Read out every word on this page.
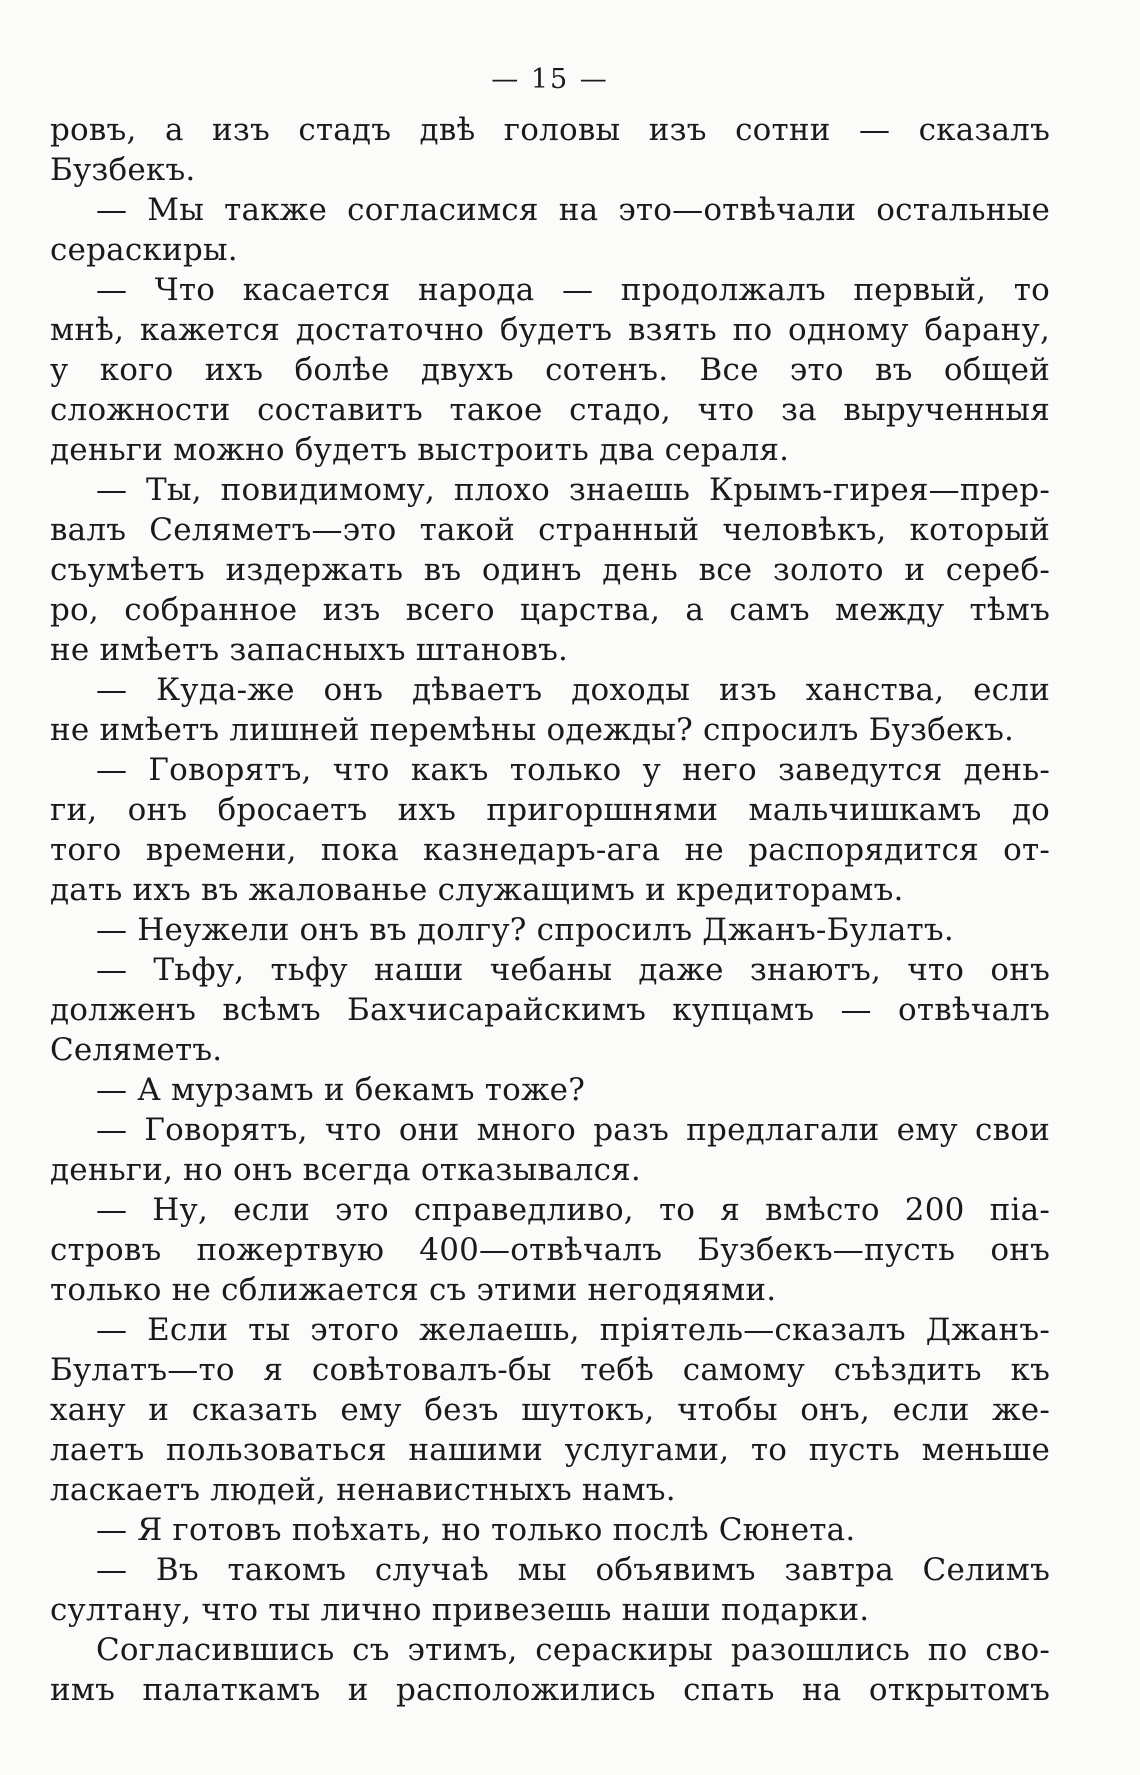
— 15 —
ровъ, а изъ стадъ двѣ головы изъ сотни — сказалъ
Бузбекъ.
— Мы также согласимся на это—отвѣчали остальные
сераскиры.
— Что касается народа — продолжалъ первый, то
мнѣ, кажется достаточно будетъ взять по одному барану,
у кого ихъ болѣе двухъ сотенъ. Все это въ общей
сложности составитъ такое стадо, что за вырученныя
деньги можно будетъ выстроить два сераля.
— Ты, повидимому, плохо знаешь Крымъ-гирея—прер-
валъ Селяметъ—это такой странный человѣкъ, который
съумѣетъ издержать въ одинъ день все золото и сереб-
ро, собранное изъ всего царства, а самъ между тѣмъ
не имѣетъ запасныхъ штановъ.
— Куда-же онъ дѣваетъ доходы изъ ханства, если
не имѣетъ лишней перемѣны одежды? спросилъ Бузбекъ.
— Говорятъ, что какъ только у него заведутся день-
ги, онъ бросаетъ ихъ пригоршнями мальчишкамъ до
того времени, пока казнедаръ-ага не распорядится от-
дать ихъ въ жалованье служащимъ и кредиторамъ.
— Неужели онъ въ долгу? спросилъ Джанъ-Булатъ.
— Тьфу, тьфу наши чебаны даже знаютъ, что онъ
долженъ всѣмъ Бахчисарайскимъ купцамъ — отвѣчалъ
Селяметъ.
— А мурзамъ и бекамъ тоже?
— Говорятъ, что они много разъ предлагали ему свои
деньги, но онъ всегда отказывался.
— Ну, если это справедливо, то я вмѣсто 200 піа-
стровъ пожертвую 400—отвѣчалъ Бузбекъ—пусть онъ
только не сближается съ этими негодяями.
— Если ты этого желаешь, пріятель—сказалъ Джанъ-
Булатъ—то я совѣтовалъ-бы тебѣ самому съѣздить къ
хану и сказать ему безъ шутокъ, чтобы онъ, если же-
лаетъ пользоваться нашими услугами, то пусть меньше
ласкаетъ людей, ненавистныхъ намъ.
— Я готовъ поѣхать, но только послѣ Сюнета.
— Въ такомъ случаѣ мы объявимъ завтра Селимъ
султану, что ты лично привезешь наши подарки.
Согласившись съ этимъ, сераскиры разошлись по сво-
имъ палаткамъ и расположились спать на открытомъ
